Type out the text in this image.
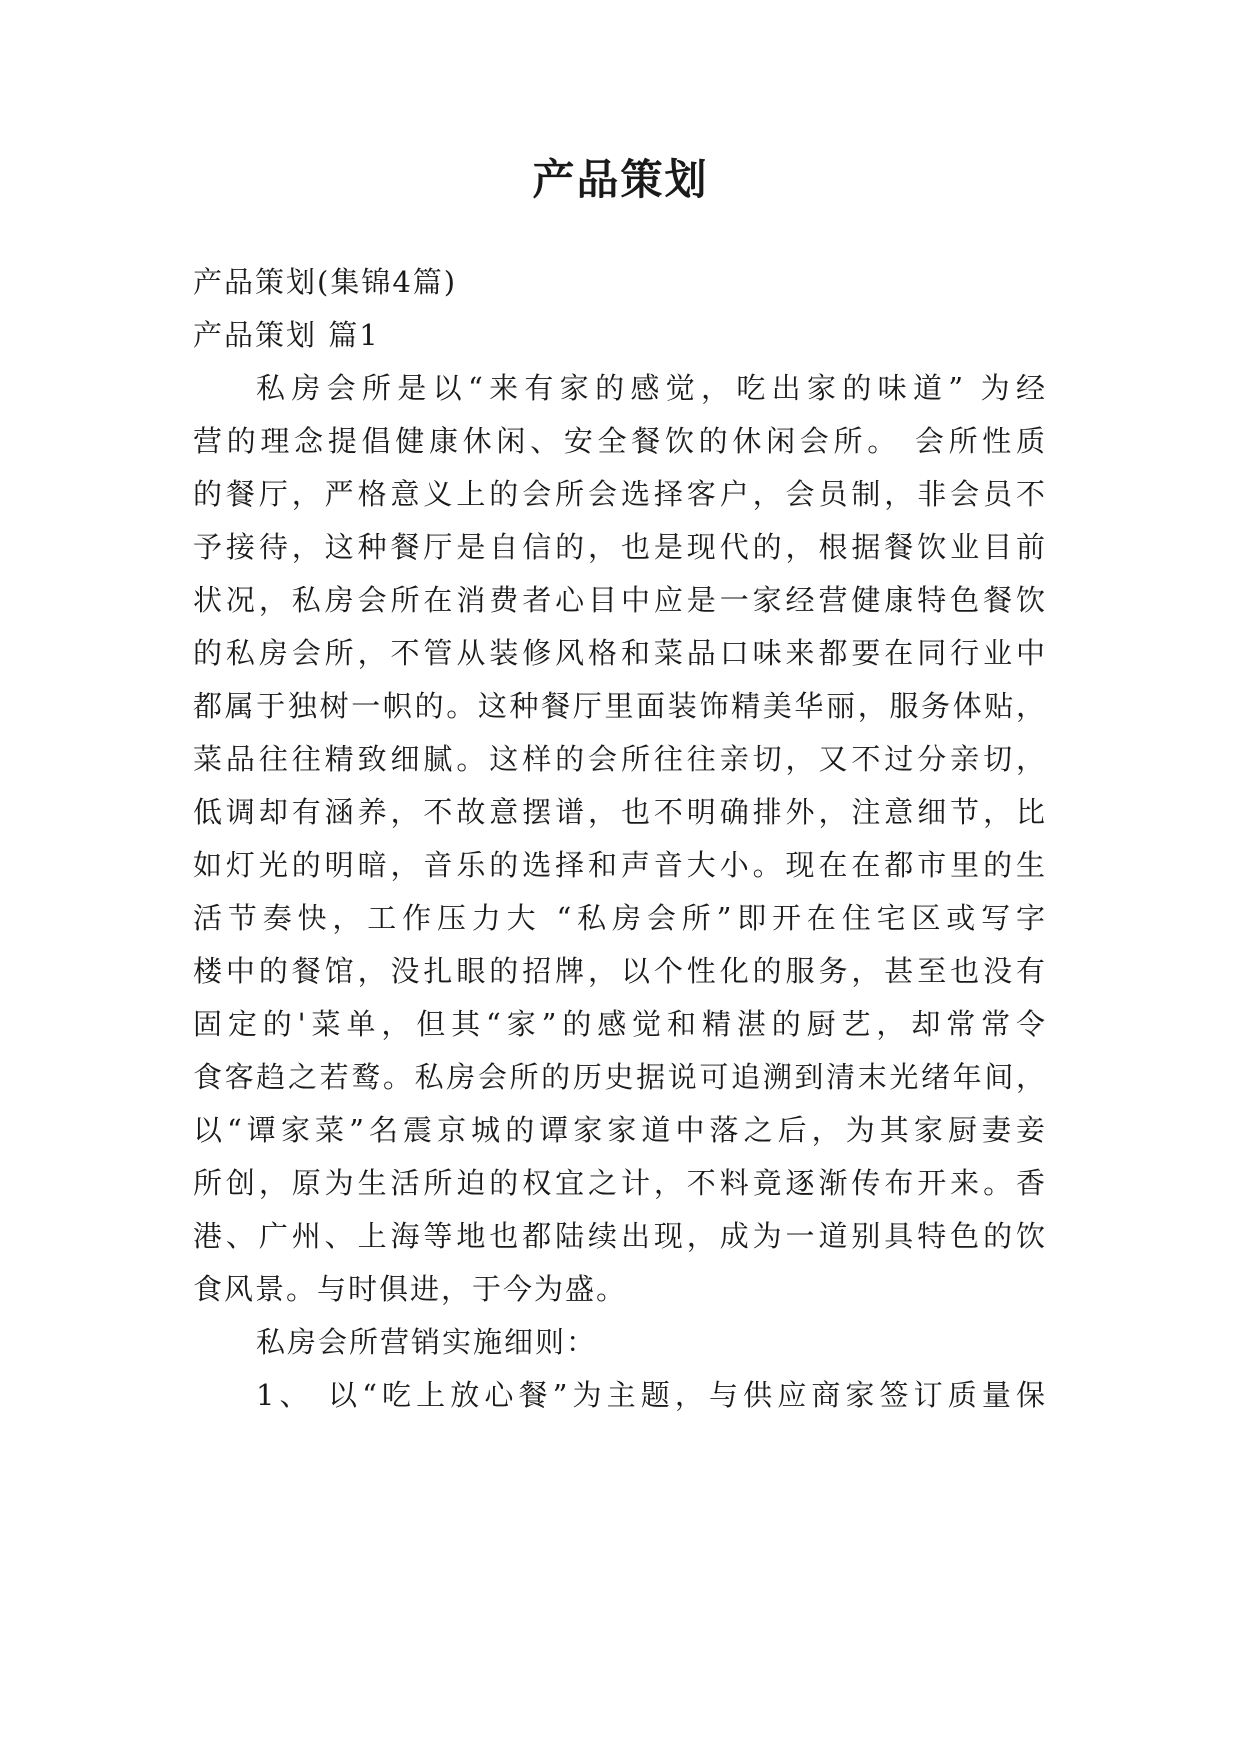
产品策划

产品策划(集锦4篇)

产品策划 篇1

私房会所是以“来有家的感觉，吃出家的味道” 为经

营的理念提倡健康休闲、安全餐饮的休闲会所。 会所性质

的餐厅，严格意义上的会所会选择客户，会员制，非会员不

予接待，这种餐厅是自信的，也是现代的，根据餐饮业目前

状况，私房会所在消费者心目中应是一家经营健康特色餐饮

的私房会所，不管从装修风格和菜品口味来都要在同行业中

都属于独树一帜的。这种餐厅里面装饰精美华丽，服务体贴，

菜品往往精致细腻。这样的会所往往亲切，又不过分亲切，

低调却有涵养，不故意摆谱，也不明确排外，注意细节，比

如灯光的明暗，音乐的选择和声音大小。现在在都市里的生

活节奏快，工作压力大 “私房会所”即开在住宅区或写字

楼中的餐馆，没扎眼的招牌，以个性化的服务，甚至也没有

固定的'菜单，但其“家”的感觉和精湛的厨艺，却常常令

食客趋之若鹜。私房会所的历史据说可追溯到清末光绪年间，

以“谭家菜”名震京城的谭家家道中落之后，为其家厨妻妾

所创，原为生活所迫的权宜之计，不料竟逐渐传布开来。香

港、广州、上海等地也都陆续出现，成为一道别具特色的饮

食风景。与时俱进，于今为盛。

私房会所营销实施细则：

1、 以“吃上放心餐”为主题，与供应商家签订质量保
